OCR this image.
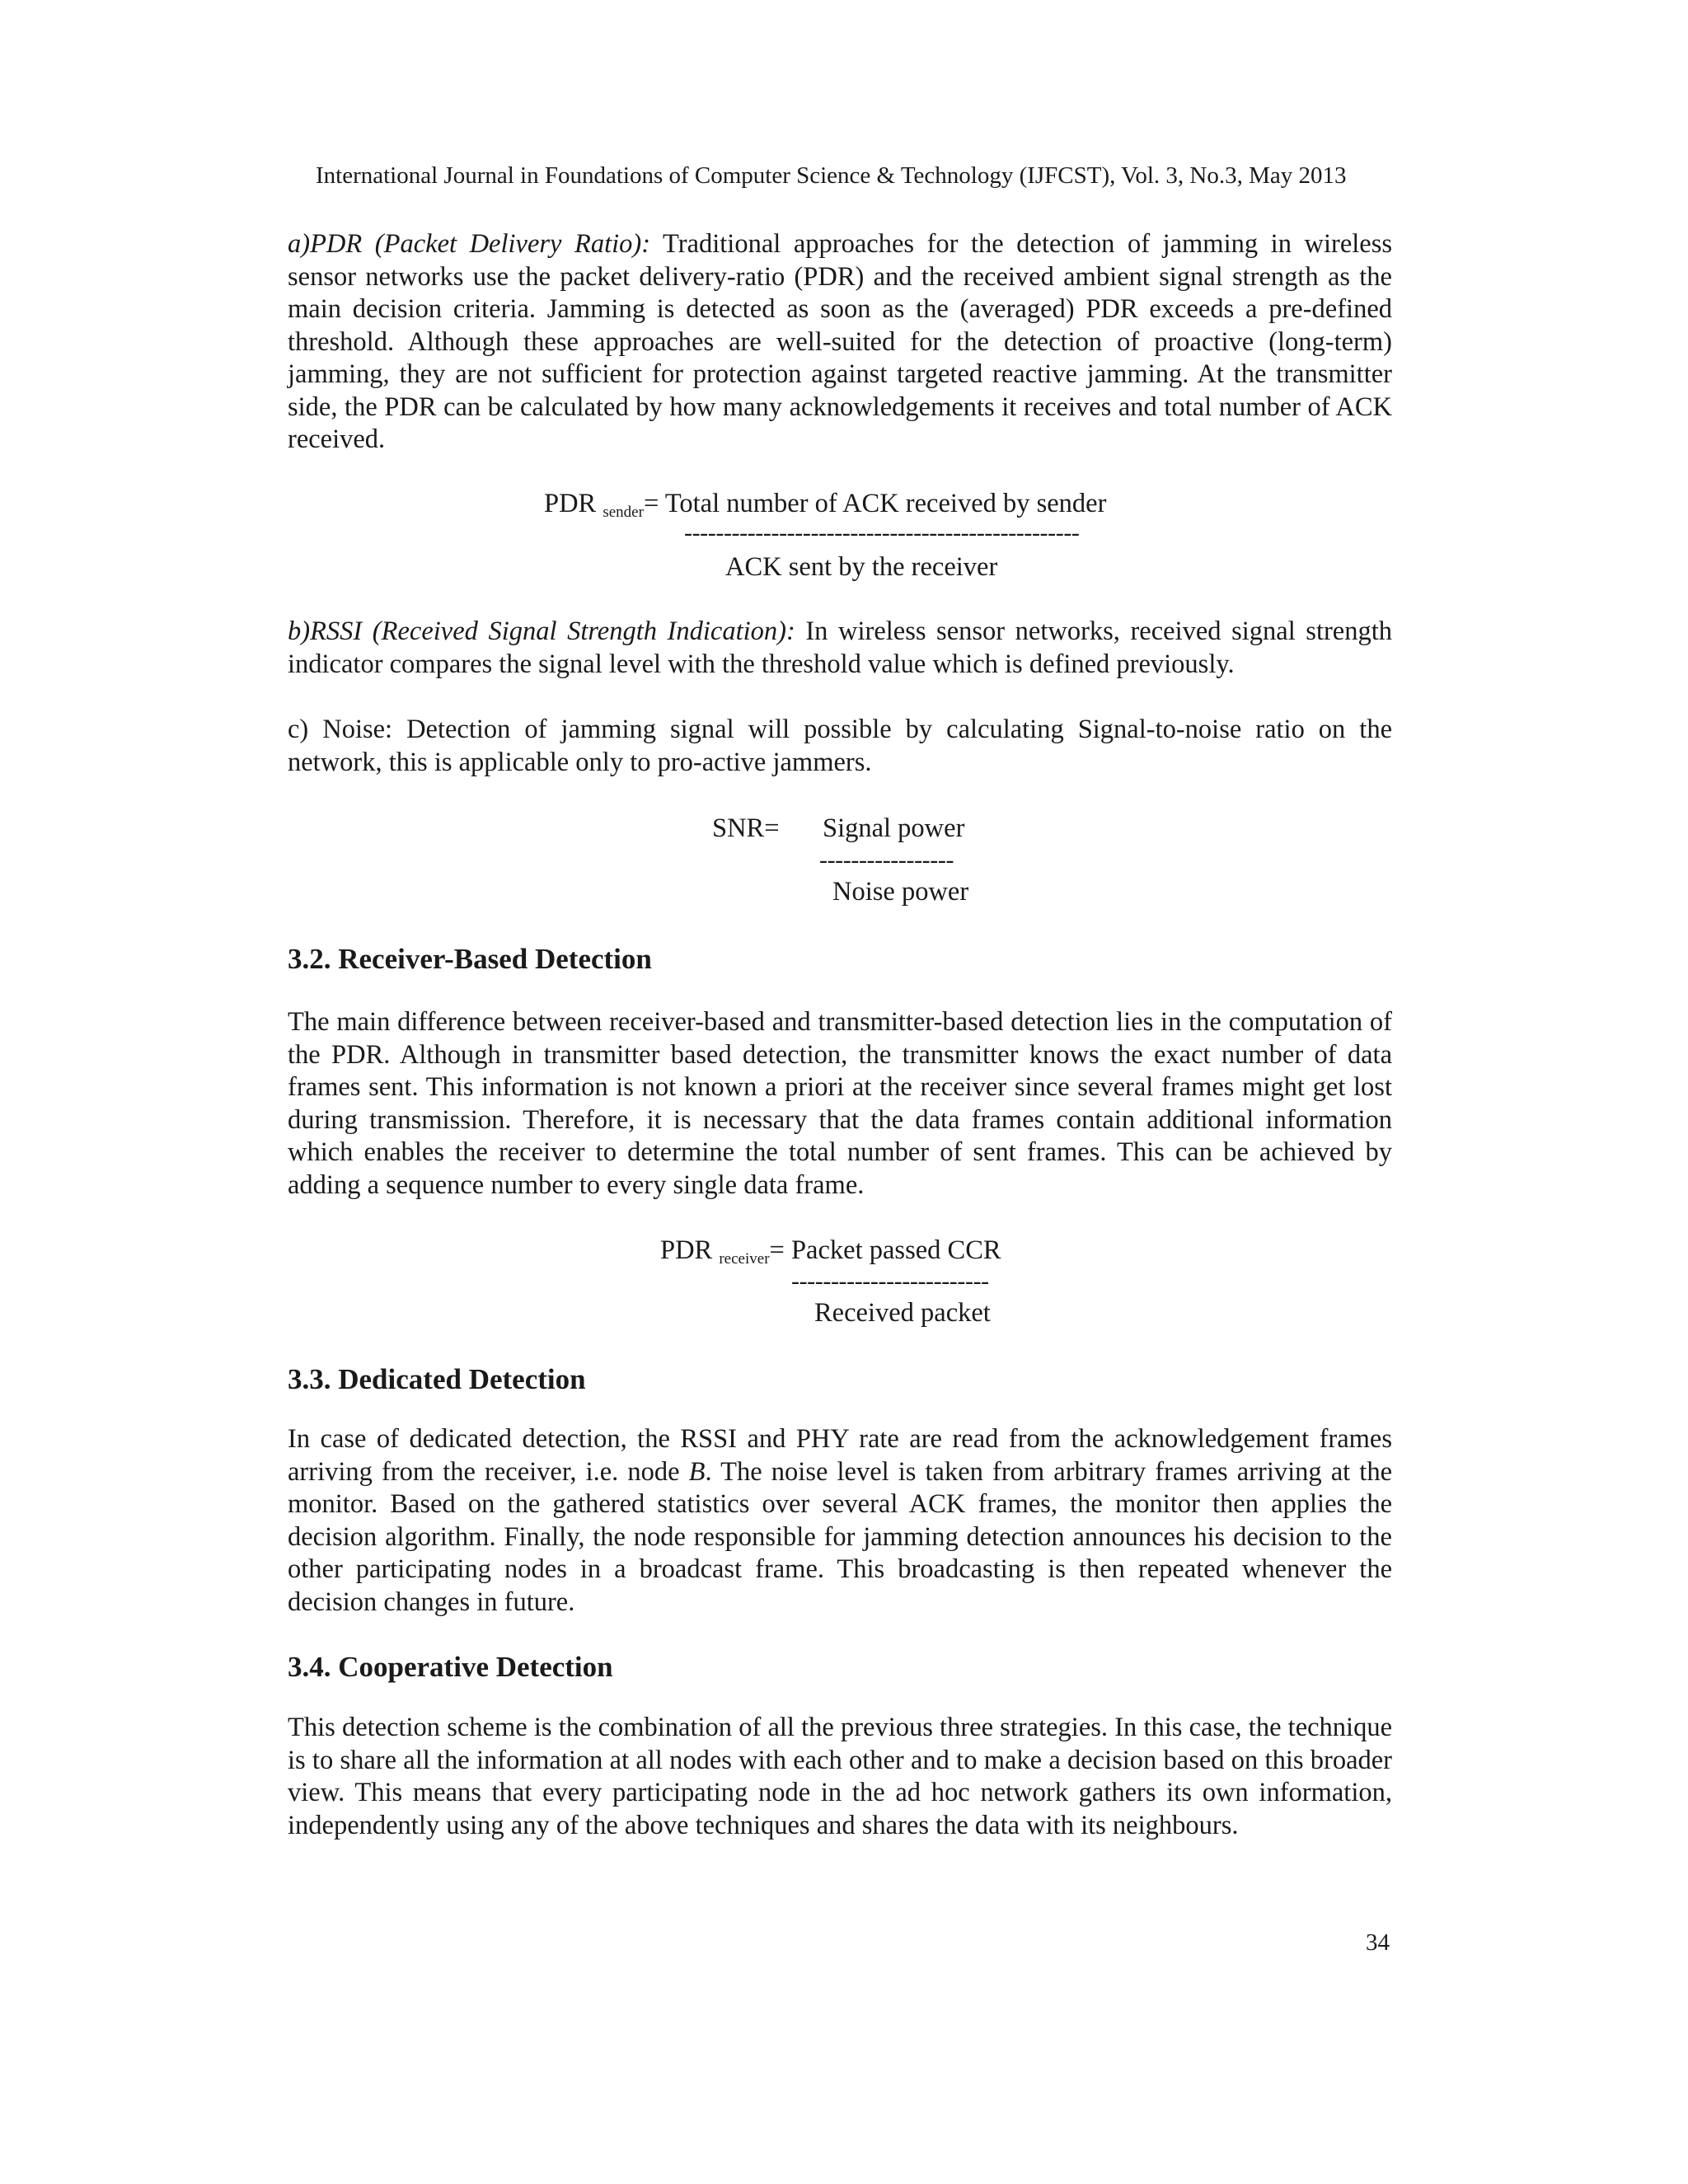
International Journal in Foundations of Computer Science & Technology (IJFCST), Vol. 3, No.3, May 2013

a)PDR (Packet Delivery Ratio): Traditional approaches for the detection of jamming in wireless sensor networks use the packet delivery-ratio (PDR) and the received ambient signal strength as the main decision criteria. Jamming is detected as soon as the (averaged) PDR exceeds a pre-defined threshold. Although these approaches are well-suited for the detection of proactive (long-term) jamming, they are not sufficient for protection against targeted reactive jamming. At the transmitter side, the PDR can be calculated by how many acknowledgements it receives and total number of ACK received.

PDR $_{sender}$= Total number of ACK received by sender
--------------------------------------------------
ACK sent by the receiver

b)RSSI (Received Signal Strength Indication): In wireless sensor networks, received signal strength indicator compares the signal level with the threshold value which is defined previously.

c) Noise: Detection of jamming signal will possible by calculating Signal-to-noise ratio on the network, this is applicable only to pro-active jammers.

SNR= Signal power
-----------------
Noise power
3.2. Receiver-Based Detection

The main difference between receiver-based and transmitter-based detection lies in the computation of the PDR. Although in transmitter based detection, the transmitter knows the exact number of data frames sent. This information is not known a priori at the receiver since several frames might get lost during transmission. Therefore, it is necessary that the data frames contain additional information which enables the receiver to determine the total number of sent frames. This can be achieved by adding a sequence number to every single data frame.

PDR $_{receiver}$= Packet passed CCR
-------------------------
Received packet
3.3. Dedicated Detection

In case of dedicated detection, the RSSI and PHY rate are read from the acknowledgement frames arriving from the receiver, i.e. node B. The noise level is taken from arbitrary frames arriving at the monitor. Based on the gathered statistics over several ACK frames, the monitor then applies the decision algorithm. Finally, the node responsible for jamming detection announces his decision to the other participating nodes in a broadcast frame. This broadcasting is then repeated whenever the decision changes in future.

3.4. Cooperative Detection

This detection scheme is the combination of all the previous three strategies. In this case, the technique is to share all the information at all nodes with each other and to make a decision based on this broader view. This means that every participating node in the ad hoc network gathers its own information, independently using any of the above techniques and shares the data with its neighbours.

34
